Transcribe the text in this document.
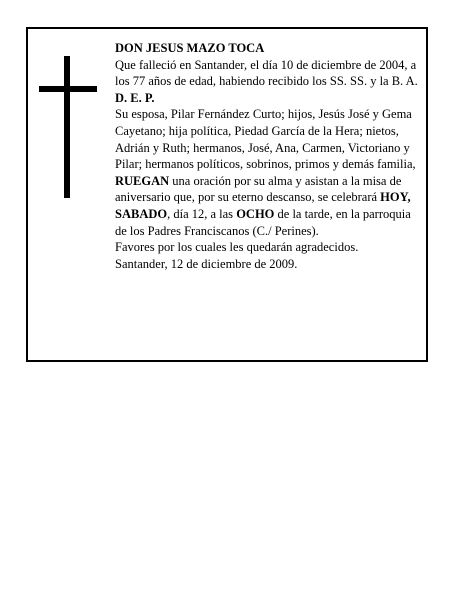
DON JESUS MAZO TOCA

Que falleció en Santander, el día 10 de diciembre de 2004, a los 77 años de edad, habiendo recibido los SS. SS. y la B. A.

D. E. P.

Su esposa, Pilar Fernández Curto; hijos, Jesús José y Gema Cayetano; hija política, Piedad García de la Hera; nietos, Adrián y Ruth; hermanos, José, Ana, Carmen, Victoriano y Pilar; hermanos políticos, sobrinos, primos y demás familia,

RUEGAN una oración por su alma y asistan a la misa de aniversario que, por su eterno descanso, se celebrará HOY, SABADO, día 12, a las OCHO de la tarde, en la parroquia de los Padres Franciscanos (C./ Perines).

Favores por los cuales les quedarán agradecidos.

Santander, 12 de diciembre de 2009.
